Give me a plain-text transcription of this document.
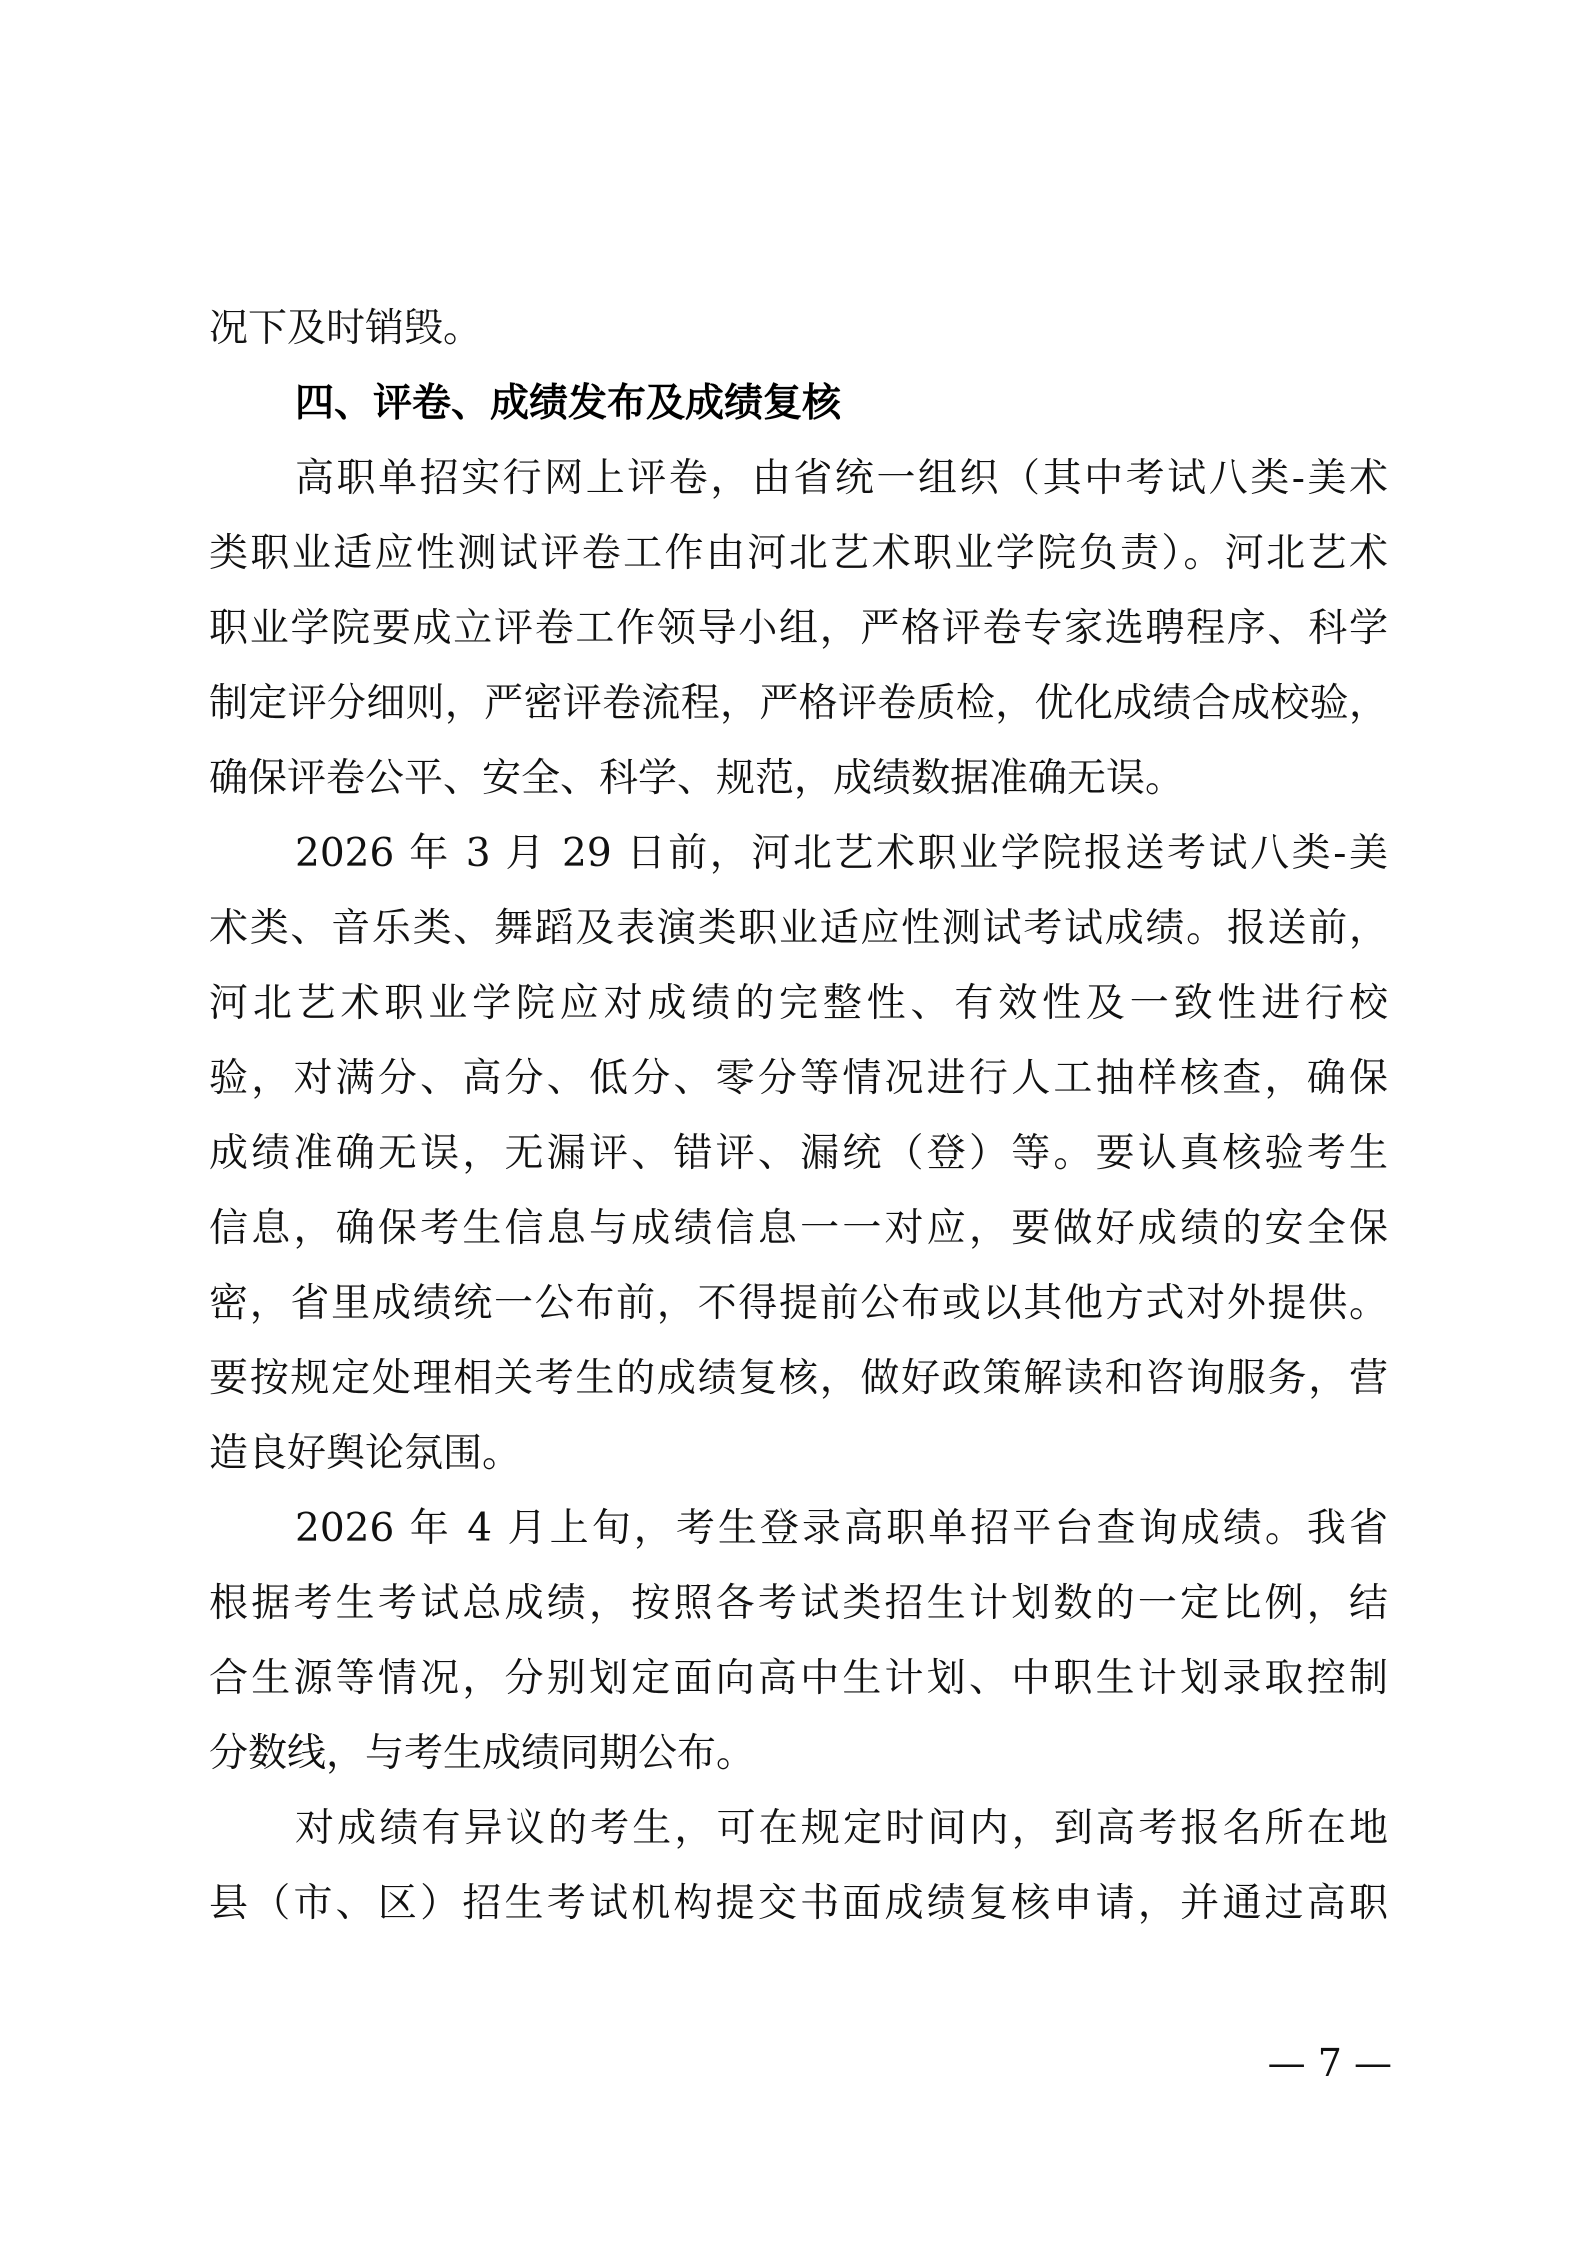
况下及时销毁。
四、评卷、成绩发布及成绩复核
高职单招实行网上评卷，由省统一组织（其中考试八类-美术
类职业适应性测试评卷工作由河北艺术职业学院负责）。河北艺术
职业学院要成立评卷工作领导小组，严格评卷专家选聘程序、科学
制定评分细则，严密评卷流程，严格评卷质检，优化成绩合成校验，
确保评卷公平、安全、科学、规范，成绩数据准确无误。
2026 年 3 月 29 日前，河北艺术职业学院报送考试八类-美
术类、音乐类、舞蹈及表演类职业适应性测试考试成绩。报送前，
河北艺术职业学院应对成绩的完整性、有效性及一致性进行校
验，对满分、高分、低分、零分等情况进行人工抽样核查，确保
成绩准确无误，无漏评、错评、漏统（登）等。要认真核验考生
信息，确保考生信息与成绩信息一一对应，要做好成绩的安全保
密，省里成绩统一公布前，不得提前公布或以其他方式对外提供。
要按规定处理相关考生的成绩复核，做好政策解读和咨询服务，营
造良好舆论氛围。
2026 年 4 月上旬，考生登录高职单招平台查询成绩。我省
根据考生考试总成绩，按照各考试类招生计划数的一定比例，结
合生源等情况，分别划定面向高中生计划、中职生计划录取控制
分数线，与考生成绩同期公布。
对成绩有异议的考生，可在规定时间内，到高考报名所在地
县（市、区）招生考试机构提交书面成绩复核申请，并通过高职
— 7 —
